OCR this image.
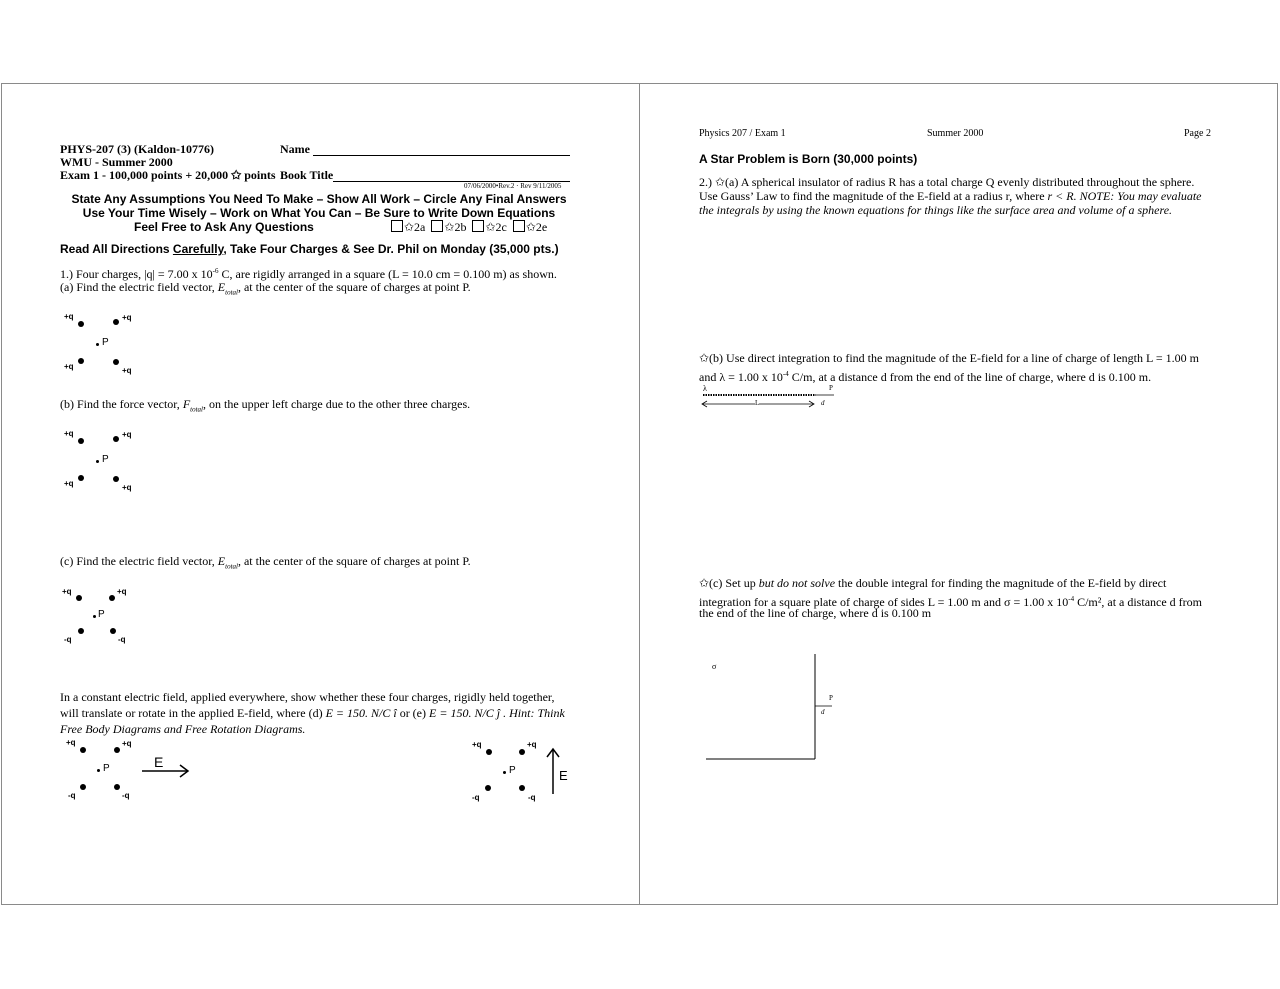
PHYS-207 (3) (Kaldon-10776)
WMU - Summer 2000
Exam 1 - 100,000 points + 20,000 ✩ points
Name
Book Title
07/06/2000•Rev.2 · Rev 9/11/2005
State Any Assumptions You Need To Make – Show All Work – Circle Any Final Answers
Use Your Time Wisely – Work on What You Can – Be Sure to Write Down Equations
Feel Free to Ask Any Questions	✩2a ✩2b ✩2c ✩2e
Read All Directions Carefully, Take Four Charges & See Dr. Phil on Monday (35,000 pts.)
1.) Four charges, |q| = 7.00 x $10^{-6}$ C, are rigidly arranged in a square (L = 10.0 cm = 0.100 m) as shown.
(a) Find the electric field vector, $E_{total}$, at the center of the square of charges at point P.
+q	+q
P
+q	+q
(b) Find the force vector, $F_{total}$, on the upper left charge due to the other three charges.
+q	+q
P
+q	+q
(c) Find the electric field vector, $E_{total}$, at the center of the square of charges at point P.
+q	+q
P
-q	-q
In a constant electric field, applied everywhere, show whether these four charges, rigidly held together,
will translate or rotate in the applied E-field, where (d) E = 150. N/C î or (e) E = 150. N/C ĵ . Hint: Think
Free Body Diagrams and Free Rotation Diagrams.
+q	+q
P
-q	-q
E
+q	+q
P
-q	-q
E
Physics 207 / Exam 1	Summer 2000	Page 2
A Star Problem is Born (30,000 points)
2.) ✩(a) A spherical insulator of radius R has a total charge Q evenly distributed throughout the sphere.
Use Gauss’ Law to find the magnitude of the E-field at a radius r, where r < R. NOTE: You may evaluate
the integrals by using the known equations for things like the surface area and volume of a sphere.
✩(b) Use direct integration to find the magnitude of the E-field for a line of charge of length L = 1.00 m
and λ = 1.00 x $10^{-4}$ C/m, at a distance d from the end of the line of charge, where d is 0.100 m.
λ	P
L	d
✩(c) Set up but do not solve the double integral for finding the magnitude of the E-field by direct
integration for a square plate of charge of sides L = 1.00 m and σ = 1.00 x $10^{-4}$ C/m², at a distance d from
the end of the line of charge, where d is 0.100 m
σ
P
d
